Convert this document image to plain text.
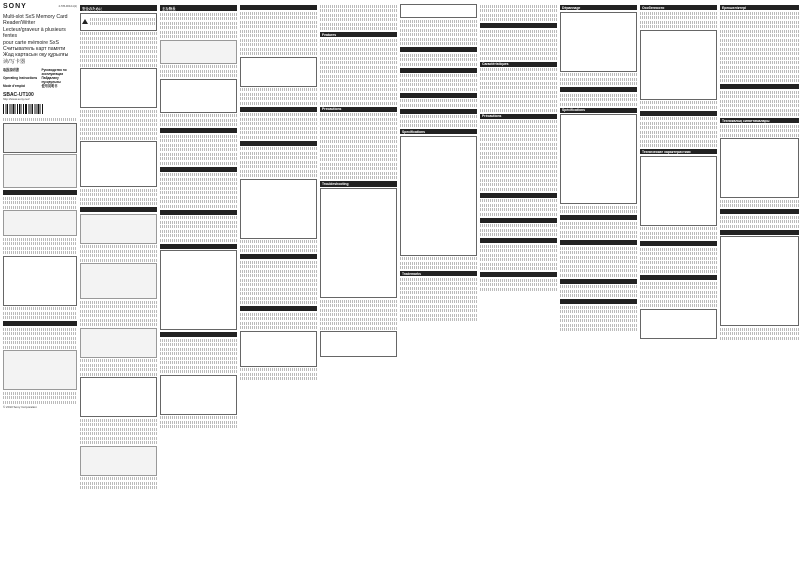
SONY	4-735-000-11(1)
Multi-slot SxS Memory Card
Reader/Writer
Lecteur/graveur à plusieurs fentes
pour carte mémoire SxS
Считыватель карт памяти
Жад картасын оқу құрылғы
读/写卡器
取扱説明書	Руководство по эксплуатации
Operating Instructions	Пайдалану нұсқаулығы
Mode d'emploi	使用说明书
SBAC-UT100
http://www.sony.net/
© 2013 Sony Corporation
安全のために	主な特長
Features
Precautions
Troubleshooting
Specifications
Trademarks
Caractéristiques
Précautions
Dépannage
Spécifications
Особенности
Технические характеристики
Ерекшеліктері
Техникалық сипаттамалары
